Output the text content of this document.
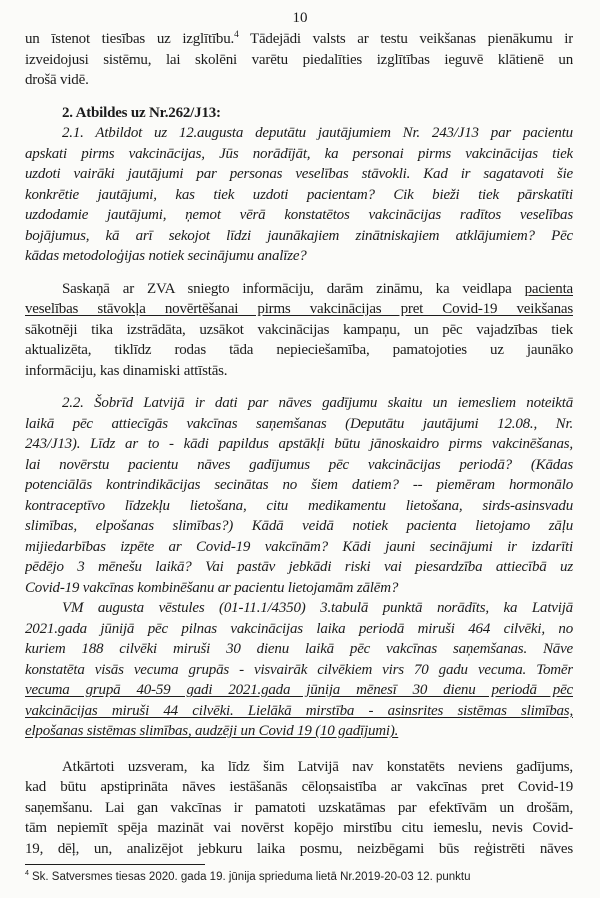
10

un īstenot tiesības uz izglītību.$^4$ Tādejādi valsts ar testu veikšanas pienākumu ir
izveidojusi sistēmu, lai skolēni varētu piedalīties izglītības ieguvē klātienē un
drošā vidē.

2. Atbildes uz Nr.262/J13:

2.1. Atbildot uz 12.augusta deputātu jautājumiem Nr. 243/J13 par pacientu
apskati pirms vakcinācijas, Jūs norādījāt, ka personai pirms vakcinācijas tiek
uzdoti vairāki jautājumi par personas veselības stāvokli. Kad ir sagatavoti šie
konkrētie jautājumi, kas tiek uzdoti pacientam? Cik bieži tiek pārskatīti
uzdodamie jautājumi, ņemot vērā konstatētos vakcinācijas radītos veselības
bojājumus, kā arī sekojot līdzi jaunākajiem zinātniskajiem atklājumiem? Pēc
kādas metodoloģijas notiek secinājumu analīze?

Saskaņā ar ZVA sniegto informāciju, darām zināmu, ka veidlapa pacienta
veselības stāvokļa novērtēšanai pirms vakcinācijas pret Covid-19 veikšanas
sākotnēji tika izstrādāta, uzsākot vakcinācijas kampaņu, un pēc vajadzības tiek
aktualizēta, tiklīdz rodas tāda nepieciešamība, pamatojoties uz jaunāko
informāciju, kas dinamiski attīstās.

2.2. Šobrīd Latvijā ir dati par nāves gadījumu skaitu un iemesliem noteiktā
laikā pēc attiecīgās vakcīnas saņemšanas (Deputātu jautājumi 12.08., Nr.
243/J13). Līdz ar to - kādi papildus apstākļi būtu jānoskaidro pirms vakcinēšanas,
lai novērstu pacientu nāves gadījumus pēc vakcinācijas periodā? (Kādas
potenciālās kontrindikācijas secinātas no šiem datiem? -- piemēram hormonālo
kontraceptīvo līdzekļu lietošana, citu medikamentu lietošana, sirds-asinsvadu
slimības, elpošanas slimības?) Kādā veidā notiek pacienta lietojamo zāļu
mijiedarbības izpēte ar Covid-19 vakcīnām? Kādi jauni secinājumi ir izdarīti
pēdējo 3 mēnešu laikā? Vai pastāv jebkādi riski vai piesardzība attiecībā uz
Covid-19 vakcīnas kombinēšanu ar pacientu lietojamām zālēm?

VM augusta vēstules (01-11.1/4350) 3.tabulā punktā norādīts, ka Latvijā
2021.gada jūnijā pēc pilnas vakcinācijas laika periodā miruši 464 cilvēki, no
kuriem 188 cilvēki miruši 30 dienu laikā pēc vakcīnas saņemšanas. Nāve
konstatēta visās vecuma grupās - visvairāk cilvēkiem virs 70 gadu vecuma. Tomēr
vecuma grupā 40-59 gadi 2021.gada jūnija mēnesī 30 dienu periodā pēc
vakcinācijas miruši 44 cilvēki. Lielākā mirstība - asinsrites sistēmas slimības,
elpošanas sistēmas slimības, audzēji un Covid 19 (10 gadījumi).

Atkārtoti uzsveram, ka līdz šim Latvijā nav konstatēts neviens gadījums,
kad būtu apstiprināta nāves iestāšanās cēloņsaistība ar vakcīnas pret Covid-19
saņemšanu. Lai gan vakcīnas ir pamatoti uzskatāmas par efektīvām un drošām,
tām nepiemīt spēja mazināt vai novērst kopējo mirstību citu iemeslu, nevis Covid-
19, dēļ, un, analizējot jebkuru laika posmu, neizbēgami būs reģistrēti nāves

$^4$ Sk. Satversmes tiesas 2020. gada 19. jūnija sprieduma lietā Nr.2019-20-03 12. punktu
